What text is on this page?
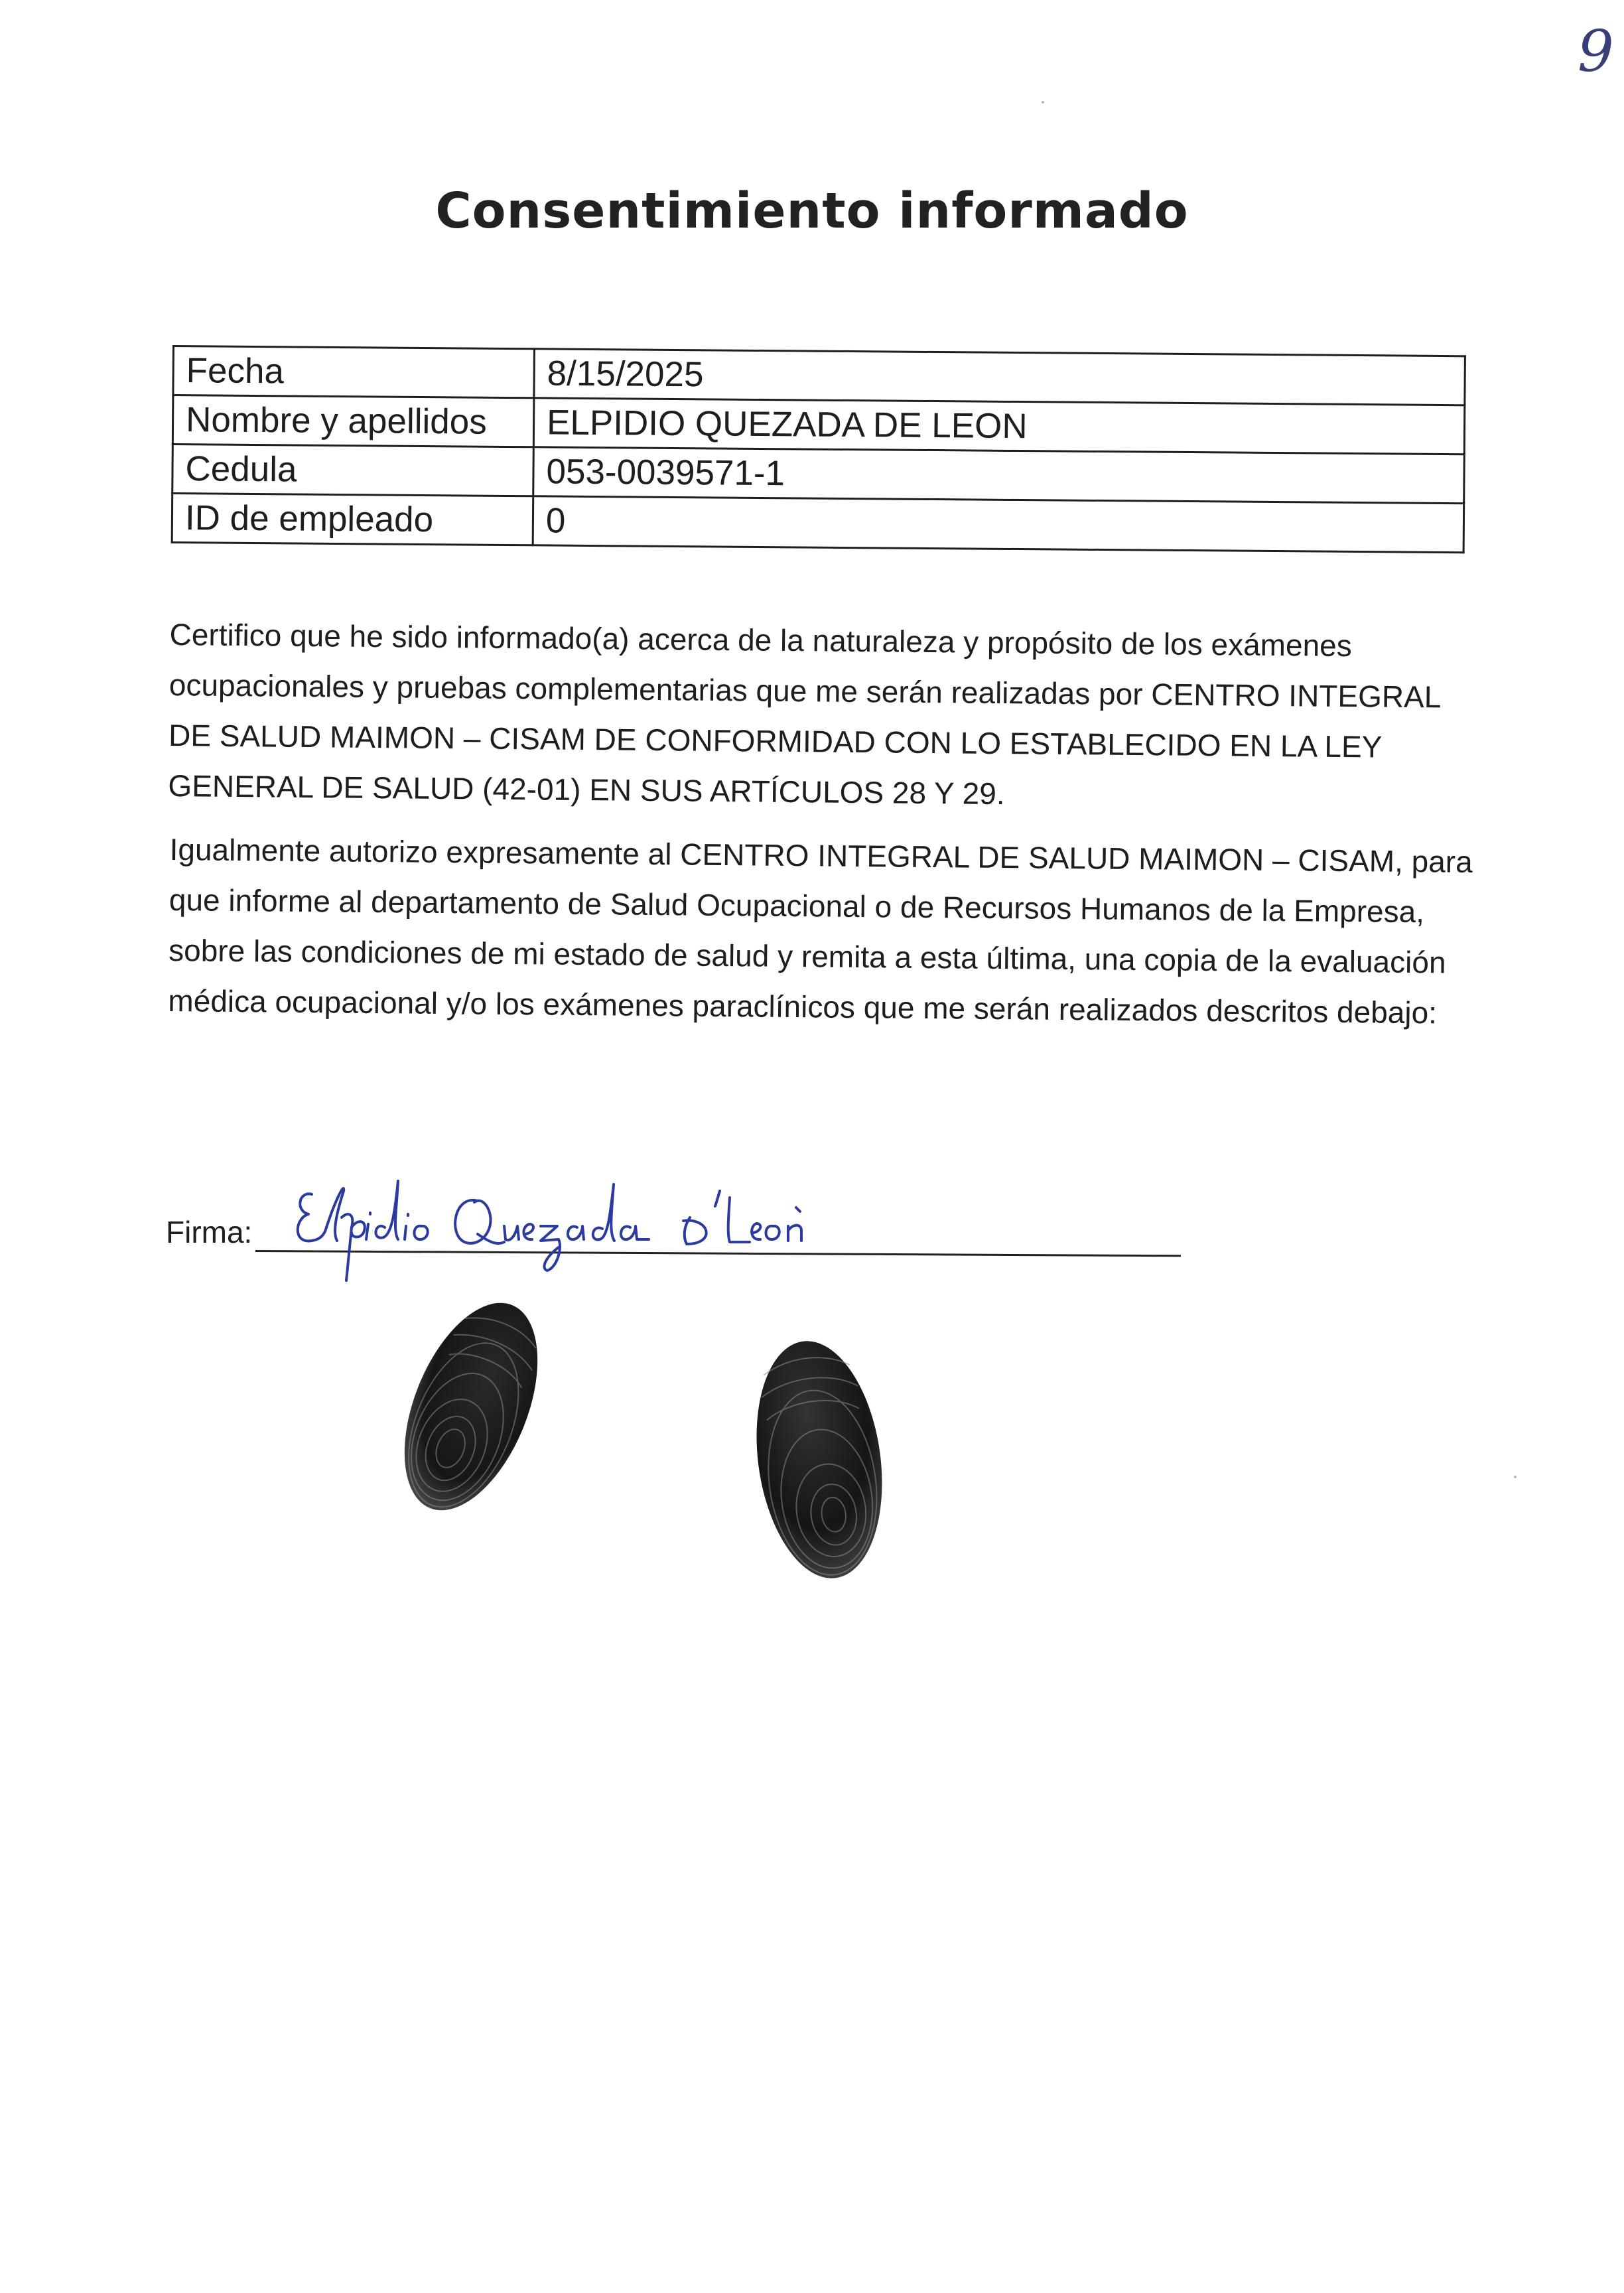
9
Consentimiento informado
Fecha	8/15/2025
Nombre y apellidos	ELPIDIO QUEZADA DE LEON
Cedula	053-0039571-1
ID de empleado	0

Certifico que he sido informado(a) acerca de la naturaleza y propósito de los exámenes ocupacionales y pruebas complementarias que me serán realizadas por CENTRO INTEGRAL DE SALUD MAIMON – CISAM DE CONFORMIDAD CON LO ESTABLECIDO EN LA LEY GENERAL DE SALUD (42-01) EN SUS ARTÍCULOS 28 Y 29.

Igualmente autorizo expresamente al CENTRO INTEGRAL DE SALUD MAIMON – CISAM, para que informe al departamento de Salud Ocupacional o de Recursos Humanos de la Empresa, sobre las condiciones de mi estado de salud y remita a esta última, una copia de la evaluación médica ocupacional y/o los exámenes paraclínicos que me serán realizados descritos debajo:

Firma:
